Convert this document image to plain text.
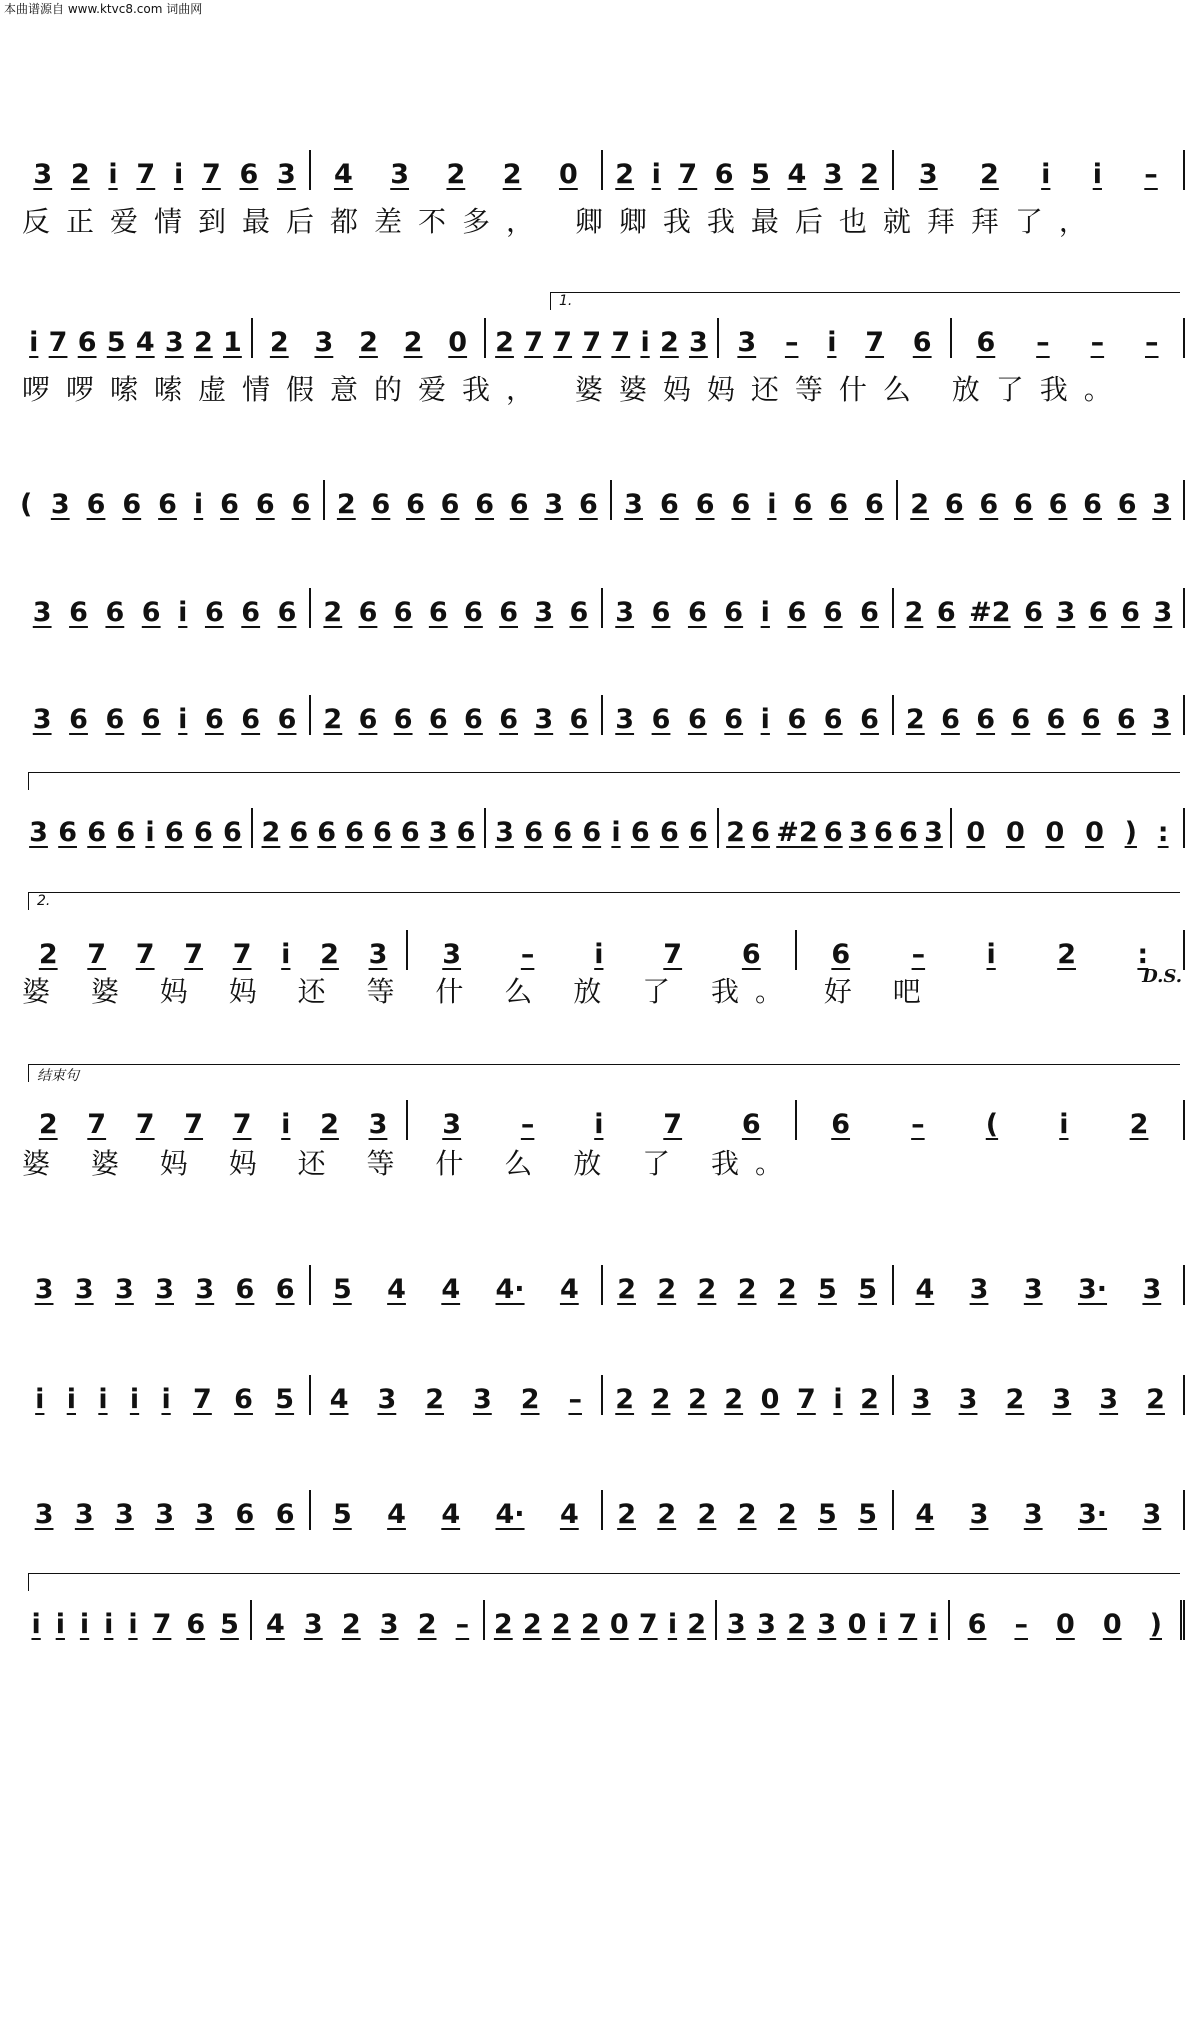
本曲谱源自 www.ktvc8.com 词曲网
3 2 i 7 i 7 6 3 4 3 2 2 0 2 i 7 6 5 4 3 2 3 2 i i –
i 7 6 5 4 3 2 1 2 3 2 2 0 2 7 7 7 7 i 2 3 3 – i 7 6 6 – – –
( 3 6 6 6 i 6 6 6 2 6 6 6 6 6 3 6 3 6 6 6 i 6 6 6 2 6 6 6 6 6 6 3
3 6 6 6 i 6 6 6 2 6 6 6 6 6 3 6 3 6 6 6 i 6 6 6 2 6 #2 6 3 6 6 3
3 6 6 6 i 6 6 6 2 6 6 6 6 6 3 6 3 6 6 6 i 6 6 6 2 6 6 6 6 6 6 3
3 6 6 6 i 6 6 6 2 6 6 6 6 6 3 6 3 6 6 6 i 6 6 6 2 6 #2 6 3 6 6 3 0 0 0 0 ) :
2 7 7 7 7 i 2 3 3 – i 7 6	6 – i 2 :
2 7 7 7 7 i 2 3 3 – i 7 6	6 – ( i 2
3 3 3 3 3 6 6 5 4 4 4· 4 2 2 2 2 2 5 5 4 3 3 3· 3
i i i i i 7 6 5 4 3 2 3 2 – 2 2 2 2 0 7 i 2 3 3 2 3 3 2
3 3 3 3 3 6 6 5 4 4 4· 4 2 2 2 2 2 5 5 4 3 3 3· 3
i i i i i 7 6 5 4 3 2 3 2 – 2 2 2 2 0 7 i 2 3 3 2 3 0 i 7 i 6 – 0 0 )
反正爱情到最后都差不多， 卿卿我我最后也就拜拜了，
啰啰嗦嗦虚情假意的爱我， 婆婆妈妈还等什么 放了我。
婆 婆 妈 妈 还 等 什 么 放 了 我。 好 吧
婆 婆 妈 妈 还 等 什 么 放 了 我。
1.
2.
结束句
D.S.
